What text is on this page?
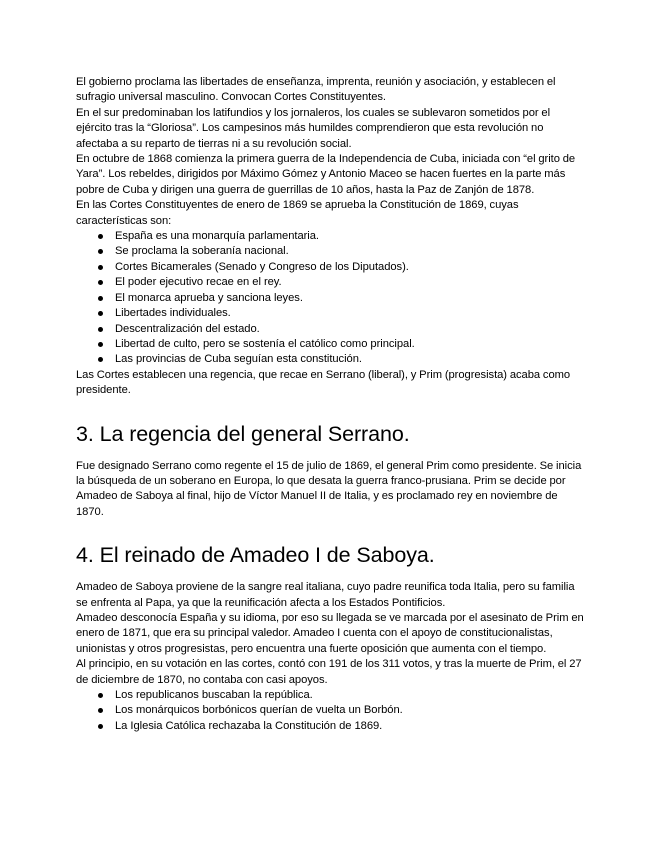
El gobierno proclama las libertades de enseñanza, imprenta, reunión y asociación, y establecen el sufragio universal masculino. Convocan Cortes Constituyentes.

En el sur predominaban los latifundios y los jornaleros, los cuales se sublevaron sometidos por el ejército tras la “Gloriosa”. Los campesinos más humildes comprendieron que esta revolución no afectaba a su reparto de tierras ni a su revolución social.

En octubre de 1868 comienza la primera guerra de la Independencia de Cuba, iniciada con “el grito de Yara”. Los rebeldes, dirigidos por Máximo Gómez y Antonio Maceo se hacen fuertes en la parte más pobre de Cuba y dirigen una guerra de guerrillas de 10 años, hasta la Paz de Zanjón de 1878.

En las Cortes Constituyentes de enero de 1869 se aprueba la Constitución de 1869, cuyas características son:

España es una monarquía parlamentaria.
Se proclama la soberanía nacional.
Cortes Bicamerales (Senado y Congreso de los Diputados).
El poder ejecutivo recae en el rey.
El monarca aprueba y sanciona leyes.
Libertades individuales.
Descentralización del estado.
Libertad de culto, pero se sostenía el católico como principal.
Las provincias de Cuba seguían esta constitución.

Las Cortes establecen una regencia, que recae en Serrano (liberal), y Prim (progresista) acaba como presidente.

3. La regencia del general Serrano.

Fue designado Serrano como regente el 15 de julio de 1869, el general Prim como presidente. Se inicia la búsqueda de un soberano en Europa, lo que desata la guerra franco-prusiana. Prim se decide por Amadeo de Saboya al final, hijo de Víctor Manuel II de Italia, y es proclamado rey en noviembre de 1870.

4. El reinado de Amadeo I de Saboya.

Amadeo de Saboya proviene de la sangre real italiana, cuyo padre reunifica toda Italia, pero su familia se enfrenta al Papa, ya que la reunificación afecta a los Estados Pontificios.

Amadeo desconocía España y su idioma, por eso su llegada se ve marcada por el asesinato de Prim en enero de 1871, que era su principal valedor. Amadeo I cuenta con el apoyo de constitucionalistas, unionistas y otros progresistas, pero encuentra una fuerte oposición que aumenta con el tiempo.

Al principio, en su votación en las cortes, contó con 191 de los 311 votos, y tras la muerte de Prim, el 27 de diciembre de 1870, no contaba con casi apoyos.

Los republicanos buscaban la república.
Los monárquicos borbónicos querían de vuelta un Borbón.
La Iglesia Católica rechazaba la Constitución de 1869.
